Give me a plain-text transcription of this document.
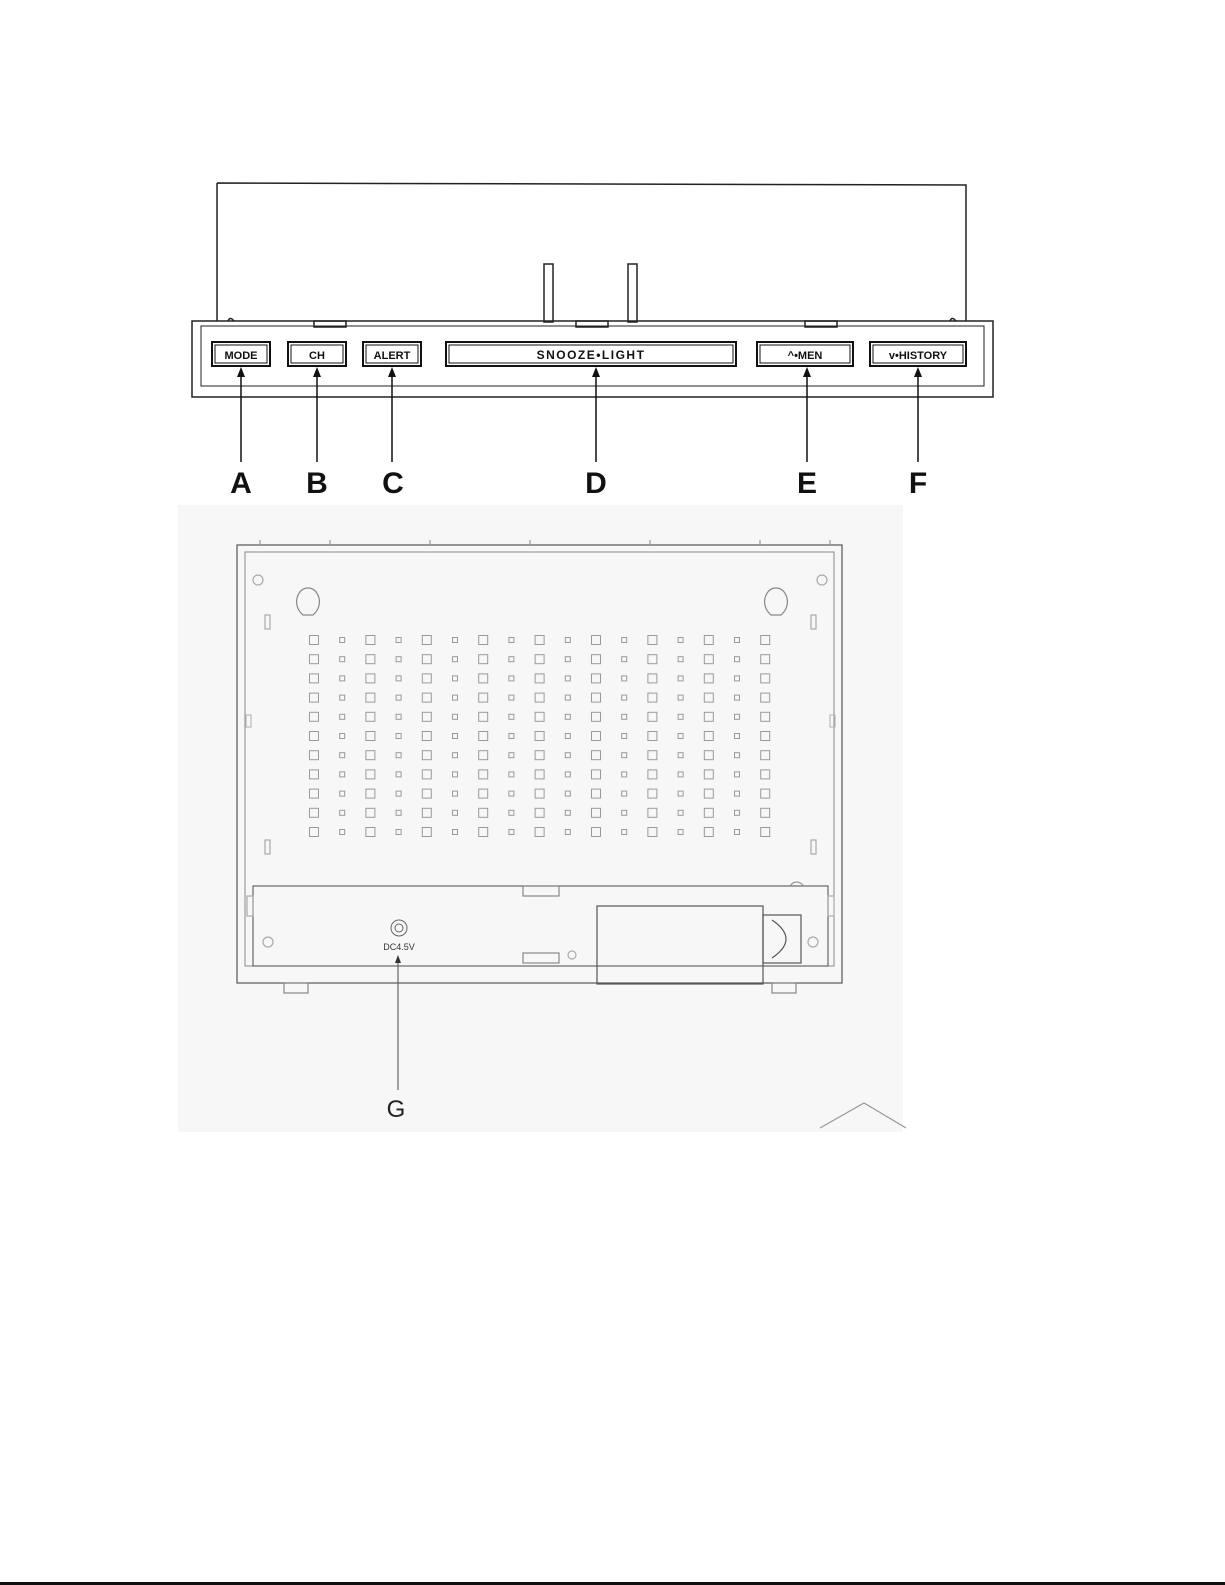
MODE	CH	ALERT	SNOOZE•LIGHT	^•MEN	v•HISTORY
A B C	D	E	F
DC4.5V
G
